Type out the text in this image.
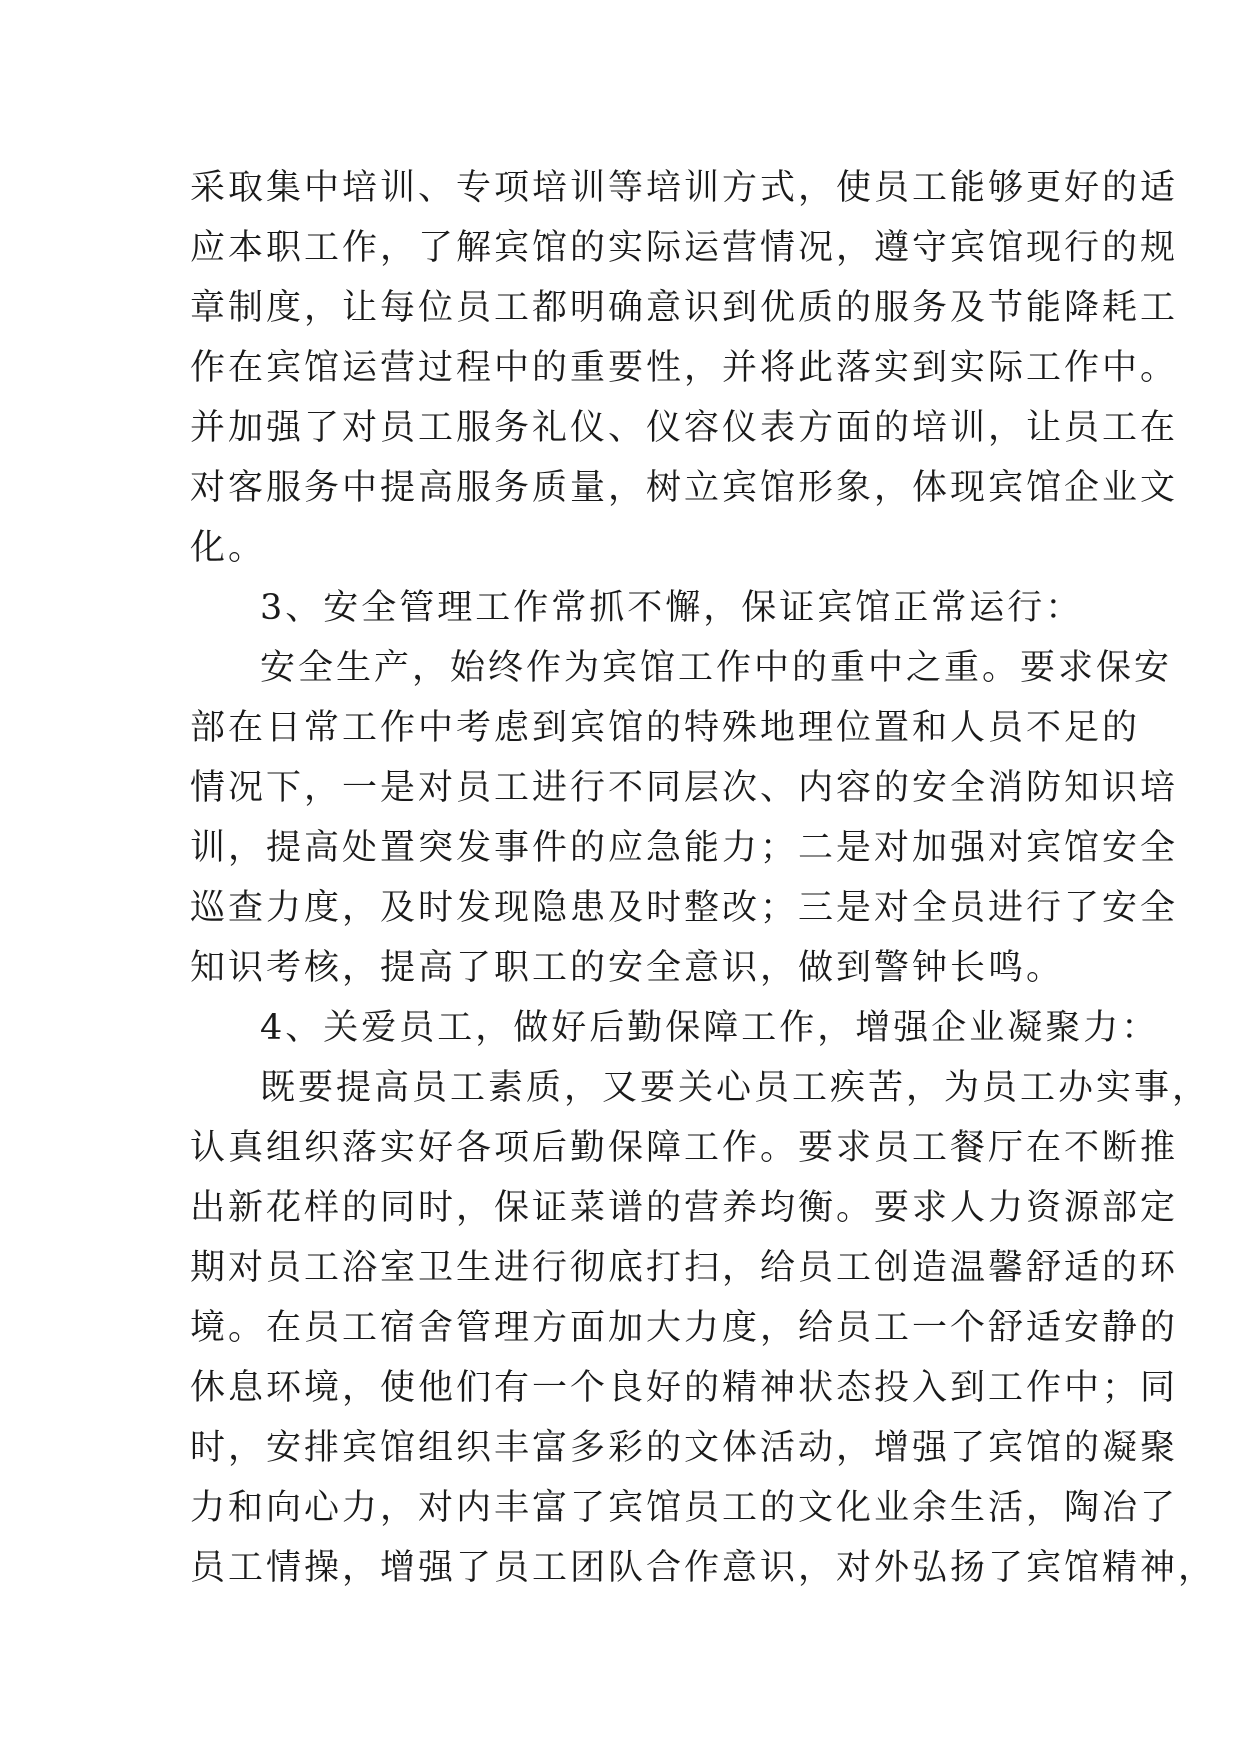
采取集中培训、专项培训等培训方式，使员工能够更好的适
应本职工作，了解宾馆的实际运营情况，遵守宾馆现行的规
章制度，让每位员工都明确意识到优质的服务及节能降耗工
作在宾馆运营过程中的重要性，并将此落实到实际工作中。
并加强了对员工服务礼仪、仪容仪表方面的培训，让员工在
对客服务中提高服务质量，树立宾馆形象，体现宾馆企业文
化。
3、安全管理工作常抓不懈，保证宾馆正常运行：
安全生产，始终作为宾馆工作中的重中之重。要求保安
部在日常工作中考虑到宾馆的特殊地理位置和人员不足的
情况下，一是对员工进行不同层次、内容的安全消防知识培
训，提高处置突发事件的应急能力；二是对加强对宾馆安全
巡查力度，及时发现隐患及时整改；三是对全员进行了安全
知识考核，提高了职工的安全意识，做到警钟长鸣。
4、关爱员工，做好后勤保障工作，增强企业凝聚力：
既要提高员工素质，又要关心员工疾苦，为员工办实事，
认真组织落实好各项后勤保障工作。要求员工餐厅在不断推
出新花样的同时，保证菜谱的营养均衡。要求人力资源部定
期对员工浴室卫生进行彻底打扫，给员工创造温馨舒适的环
境。在员工宿舍管理方面加大力度，给员工一个舒适安静的
休息环境，使他们有一个良好的精神状态投入到工作中；同
时，安排宾馆组织丰富多彩的文体活动，增强了宾馆的凝聚
力和向心力，对内丰富了宾馆员工的文化业余生活，陶冶了
员工情操，增强了员工团队合作意识，对外弘扬了宾馆精神，
